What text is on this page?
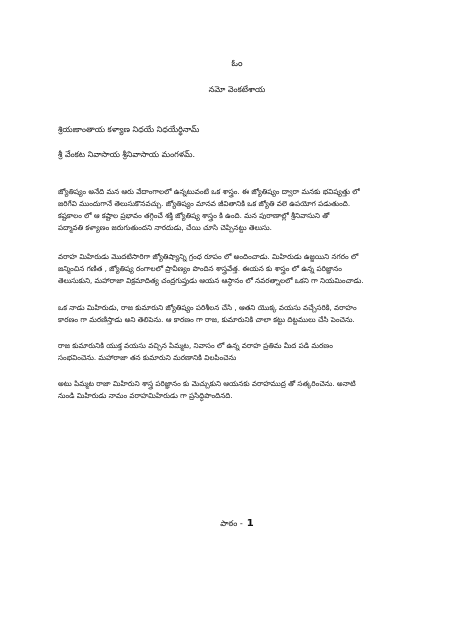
ఓం
నమో వెంకటేశాయ
శ్రియఃకాంతాయ కళ్యాణ నిధయే నిధయేర్థినామ్
శ్రీ వేంకట నివాసాయ శ్రీనివాసాయ మంగళమ్.
జ్యోతిష్యం అనేది మన ఆరు వేదాంగాలలో ఉన్నటువంటి ఒక శాస్త్రం. ఈ జ్యోతిష్యం ద్వారా మనకు భవిష్యత్తు లో
జరిగేవి ముందుగానే తెలుసుకొనవచ్చు. జ్యోతిష్యం మానవ జీవితానికి ఒక జ్యోతి వలె ఉపయోగ పడుతుంది.
కష్టకాలం లో ఆ కష్టాల ప్రభావం తగ్గించే శక్తి జ్యోతిష్య శాస్త్రం కి ఉంది. మన పురాణాల్లో శ్రీనివాసుని తో
పద్మావతి కళ్యాణం జరుగుతుందని నారదుడు, చేయి చూసి చెప్పినట్టు తెలుసు.
వరాహ మిహిరుడు మొదటిసారిగా జ్యోతిష్యాన్ని గ్రంధ రూపం లో అందించాడు. మిహిరుడు ఉజ్జయిని నగరం లో
జన్మించిన గణిత , జ్యోతిష్య రంగాలలో ప్రావీణ్యం పొందిన శాస్త్రవేత్త. ఈయన కు శాస్త్రం లో ఉన్న పరిజ్ఞానం
తెలుసుకుని, మహారాజా విక్రమాదిత్య చంద్రగుప్తుడు ఆయన ఆస్థానం లో నవరత్నాలలో ఒకని గా నియమించాడు.
ఒక నాడు మిహిరుడు, రాజ కుమారుని జ్యోతిష్యం పరిశీలన చేసి , ఆతని యొక్క వయసు వచ్చేసరికి, వరాహం
కారణం గా మరణిస్తాడు అని తెలిపెను. ఆ కారణం గా రాజ, కుమారునికి చాలా కట్టు దిట్టములు చేసి పెంచెను.
రాజ కుమారునికి యుక్త వయసు వచ్చిన పిమ్మట, నివాసం లో ఉన్న వరాహ ప్రతిమ మీద పడి మరణం
సంభవించెను. మహారాజా తన కుమారుని మరణానికి విలపించెను
అటు పిమ్మట రాజా మిహిరుని శాస్త్ర పరిజ్ఞానం కు మెచ్చుకుని ఆయనకు వరాహముద్ర తో సత్కరించెను. అనాటి
నుండి మిహిరుడు నామం వరాహమిహిరుడు గా ప్రసిద్ధిపొందినది.
పాఠం - 1
